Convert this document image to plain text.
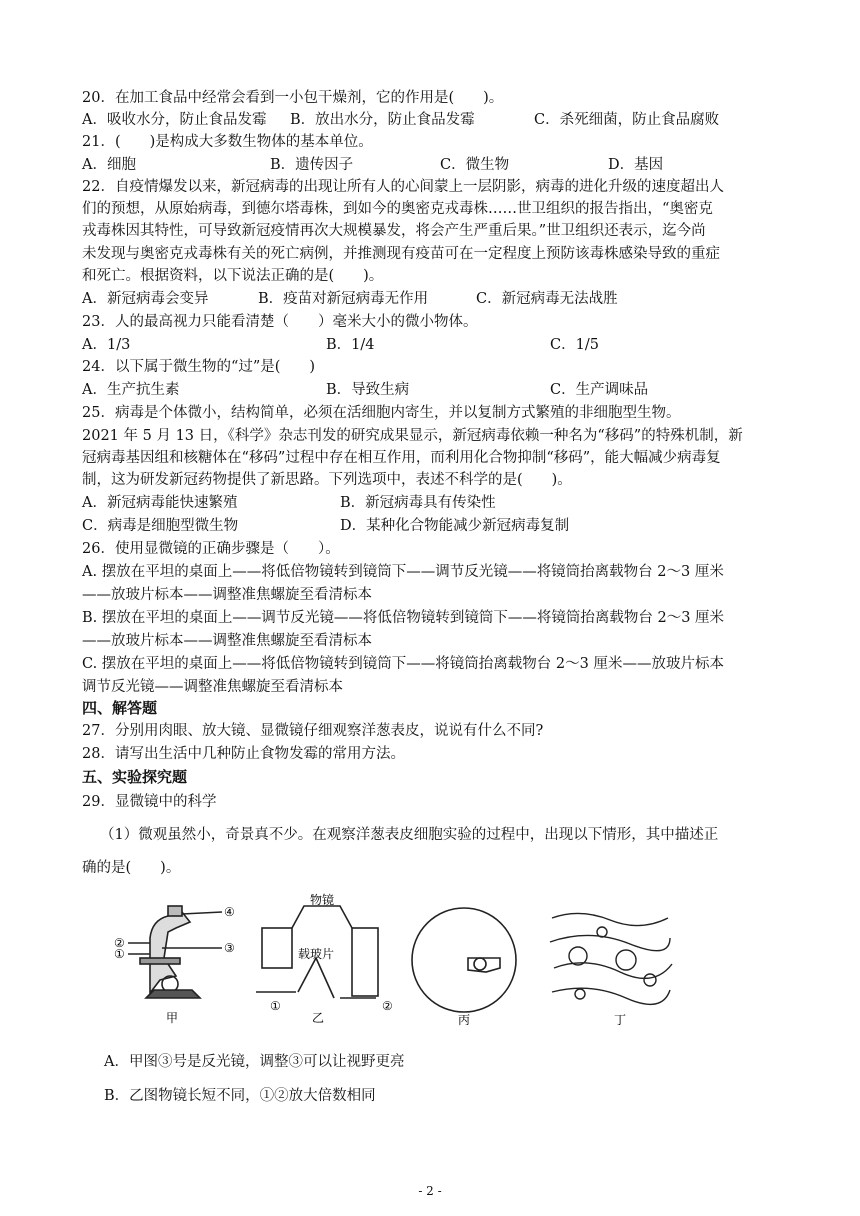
20．在加工食品中经常会看到一小包干燥剂，它的作用是(　　)。
A．吸收水分，防止食品发霉 B．放出水分，防止食品发霉	C．杀死细菌，防止食品腐败
21．(　　)是构成大多数生物体的基本单位。
A．细胞	B．遗传因子	C．微生物	D．基因
22．自疫情爆发以来，新冠病毒的出现让所有人的心间蒙上一层阴影，病毒的进化升级的速度超出人
们的预想，从原始病毒，到德尔塔毒株，到如今的奥密克戎毒株……世卫组织的报告指出，“奥密克
戎毒株因其特性，可导致新冠疫情再次大规模暴发，将会产生严重后果。”世卫组织还表示，迄今尚
未发现与奥密克戎毒株有关的死亡病例，并推测现有疫苗可在一定程度上预防该毒株感染导致的重症
和死亡。根据资料，以下说法正确的是(　　)。
A．新冠病毒会变异	B．疫苗对新冠病毒无作用	C．新冠病毒无法战胜
23．人的最高视力只能看清楚（　　）毫米大小的微小物体。
A．1/3	B．1/4	C．1/5
24．以下属于微生物的“过”是(　　)
A．生产抗生素	B．导致生病	C．生产调味品
25．病毒是个体微小，结构简单，必须在活细胞内寄生，并以复制方式繁殖的非细胞型生物。
2021 年 5 月 13 日，《科学》杂志刊发的研究成果显示，新冠病毒依赖一种名为“移码”的特殊机制，新
冠病毒基因组和核糖体在“移码”过程中存在相互作用，而利用化合物抑制“移码”，能大幅减少病毒复
制，这为研发新冠药物提供了新思路。下列选项中，表述不科学的是(　　)。
A．新冠病毒能快速繁殖	B．新冠病毒具有传染性
C．病毒是细胞型微生物	D．某种化合物能减少新冠病毒复制
26．使用显微镜的正确步骤是（　　）。
A. 摆放在平坦的桌面上——将低倍物镜转到镜筒下——调节反光镜——将镜筒抬离载物台 2～3 厘米
——放玻片标本——调整准焦螺旋至看清标本
B. 摆放在平坦的桌面上——调节反光镜——将低倍物镜转到镜筒下——将镜筒抬离载物台 2～3 厘米
——放玻片标本——调整准焦螺旋至看清标本
C. 摆放在平坦的桌面上——将低倍物镜转到镜筒下——将镜筒抬离载物台 2～3 厘米——放玻片标本
调节反光镜——调整准焦螺旋至看清标本
四、解答题
27．分别用肉眼、放大镜、显微镜仔细观察洋葱表皮，说说有什么不同?
28．请写出生活中几种防止食物发霉的常用方法。
五、实验探究题
29．显微镜中的科学
（1）微观虽然小，奇景真不少。在观察洋葱表皮细胞实验的过程中，出现以下情形，其中描述正
确的是(　　)。
④
③
②
①
甲
物镜
载玻片
①	②
乙	丙	丁
A．甲图③号是反光镜，调整③可以让视野更亮
B．乙图物镜长短不同，①②放大倍数相同
- 2 -
